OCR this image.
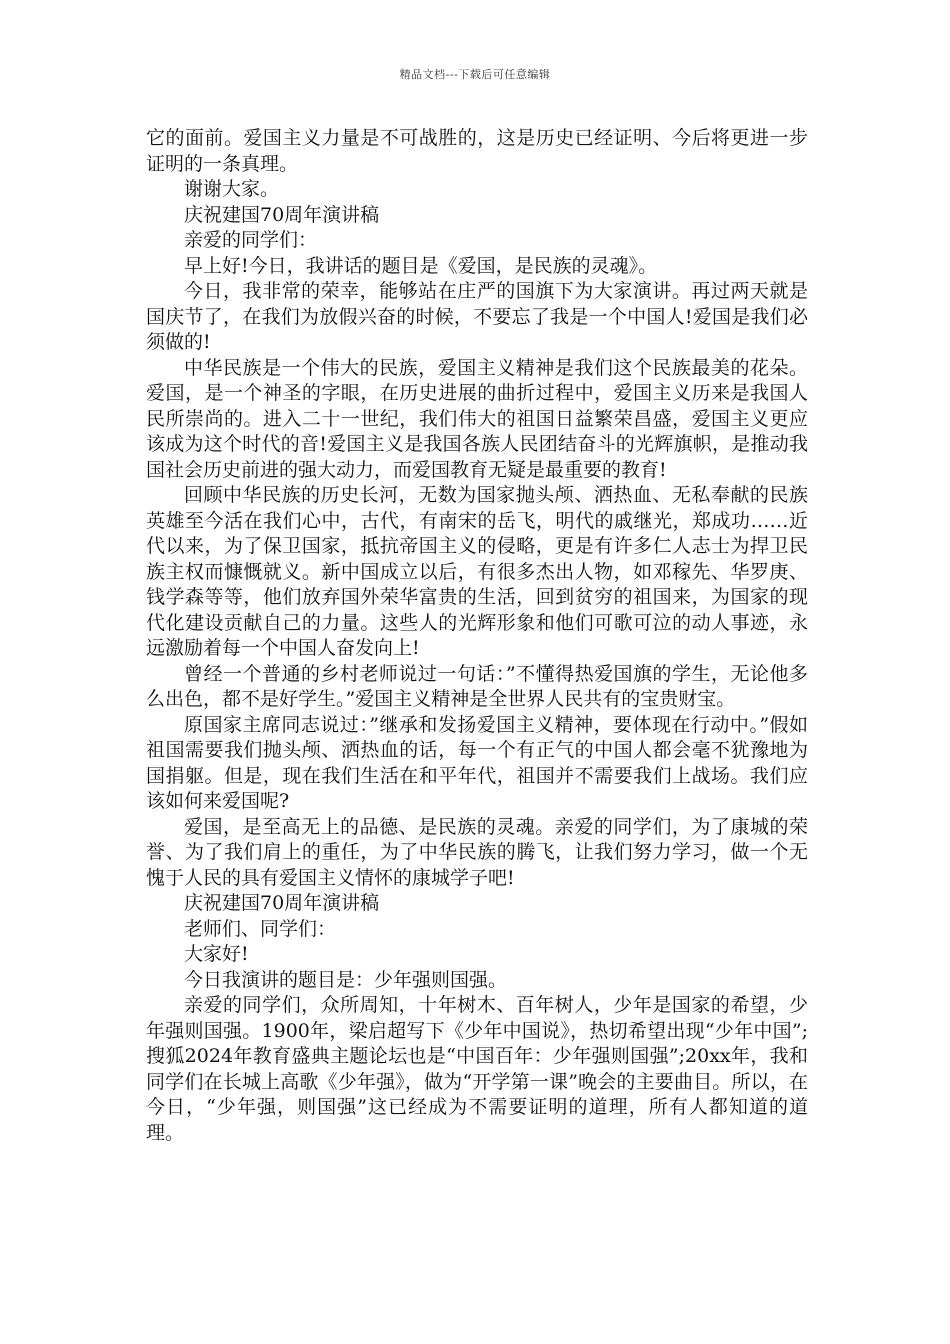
精品文档---下载后可任意编辑

它的面前。爱国主义力量是不可战胜的，这是历史已经证明、今后将更进一步证明的一条真理。

谢谢大家。

庆祝建国70周年演讲稿

亲爱的同学们：

早上好!今日，我讲话的题目是《爱国，是民族的灵魂》。

今日，我非常的荣幸，能够站在庄严的国旗下为大家演讲。再过两天就是国庆节了，在我们为放假兴奋的时候，不要忘了我是一个中国人!爱国是我们必须做的!

中华民族是一个伟大的民族，爱国主义精神是我们这个民族最美的花朵。爱国，是一个神圣的字眼，在历史进展的曲折过程中，爱国主义历来是我国人民所崇尚的。进入二十一世纪，我们伟大的祖国日益繁荣昌盛，爱国主义更应该成为这个时代的音!爱国主义是我国各族人民团结奋斗的光辉旗帜，是推动我国社会历史前进的强大动力，而爱国教育无疑是最重要的教育!

回顾中华民族的历史长河，无数为国家抛头颅、洒热血、无私奉献的民族英雄至今活在我们心中，古代，有南宋的岳飞，明代的戚继光，郑成功……近代以来，为了保卫国家，抵抗帝国主义的侵略，更是有许多仁人志士为捍卫民族主权而慷慨就义。新中国成立以后，有很多杰出人物，如邓稼先、华罗庚、钱学森等等，他们放弃国外荣华富贵的生活，回到贫穷的祖国来，为国家的现代化建设贡献自己的力量。这些人的光辉形象和他们可歌可泣的动人事迹，永远激励着每一个中国人奋发向上!

曾经一个普通的乡村老师说过一句话：”不懂得热爱国旗的学生，无论他多么出色，都不是好学生。”爱国主义精神是全世界人民共有的宝贵财宝。

原国家主席同志说过：”继承和发扬爱国主义精神，要体现在行动中。”假如祖国需要我们抛头颅、洒热血的话，每一个有正气的中国人都会毫不犹豫地为国捐躯。但是，现在我们生活在和平年代，祖国并不需要我们上战场。我们应该如何来爱国呢?

爱国，是至高无上的品德、是民族的灵魂。亲爱的同学们，为了康城的荣誉、为了我们肩上的重任，为了中华民族的腾飞，让我们努力学习，做一个无愧于人民的具有爱国主义情怀的康城学子吧!

庆祝建国70周年演讲稿

老师们、同学们：

大家好!

今日我演讲的题目是：少年强则国强。

亲爱的同学们，众所周知，十年树木、百年树人，少年是国家的希望，少年强则国强。1900年，梁启超写下《少年中国说》，热切希望出现“少年中国”;搜狐2024年教育盛典主题论坛也是“中国百年：少年强则国强”;20xx年，我和同学们在长城上高歌《少年强》，做为“开学第一课”晚会的主要曲目。所以，在今日，“少年强，则国强”这已经成为不需要证明的道理，所有人都知道的道理。
